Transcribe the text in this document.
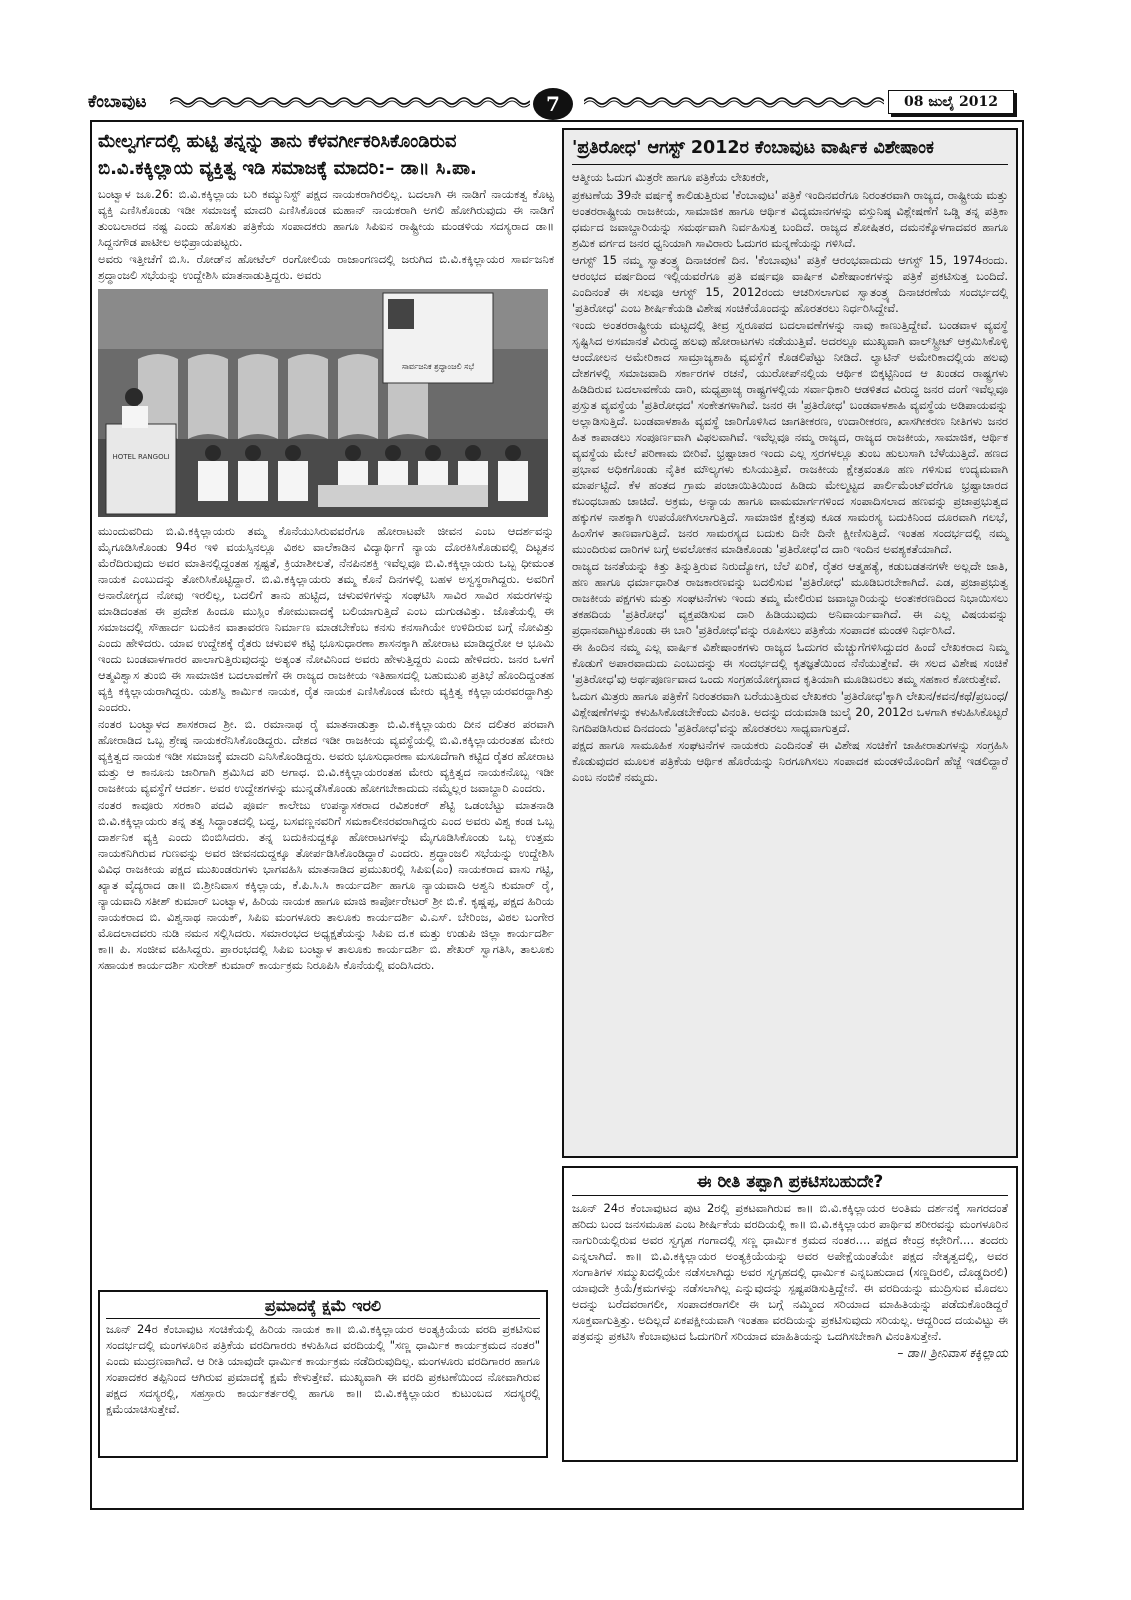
ಕೆಂಬಾವುಟ	7	08 ಜುಲೈ 2012
ಮೇಲ್ವರ್ಗದಲ್ಲಿ ಹುಟ್ಟಿ ತನ್ನನ್ನು ತಾನು ಕೆಳವರ್ಗೀಕರಿಸಿಕೊಂಡಿರುವ ಬಿ.ವಿ.ಕಕ್ಕಿಲ್ಲಾಯ ವ್ಯಕ್ತಿತ್ವ ಇಡಿ ಸಮಾಜಕ್ಕೆ ಮಾದರಿ:– ಡಾ॥ ಸಿ.ಪಾ.

ಬಂಟ್ವಾಳ ಜೂ.26: ಬಿ.ವಿ.ಕಕ್ಕಿಲ್ಲಾಯ ಬರಿ ಕಮ್ಯುನಿಸ್ಟ್ ಪಕ್ಷದ ನಾಯಕರಾಗಿರಲಿಲ್ಲ. ಬದಲಾಗಿ ಈ ನಾಡಿಗೆ ನಾಯಕತ್ವ ಕೊಟ್ಟ ವ್ಯಕ್ತಿ ಎಣಿಸಿಕೊಂಡು ಇಡೀ ಸಮಾಜಕ್ಕೆ ಮಾದರಿ ಎಣಿಸಿಕೊಂಡ ಮಹಾನ್ ನಾಯಕರಾಗಿ ಅಗಲಿ ಹೋಗಿರುವುದು ಈ ನಾಡಿಗೆ ತುಂಬಲಾರದ ನಷ್ಟ ಎಂದು ಹೊಸತು ಪತ್ರಿಕೆಯ ಸಂಪಾದಕರು ಹಾಗೂ ಸಿಪಿಐನ ರಾಷ್ಟ್ರೀಯ ಮಂಡಳಿಯ ಸದಸ್ಯರಾದ ಡಾ॥ ಸಿದ್ದನಗೌಡ ಪಾಟೀಲ ಅಭಿಪ್ರಾಯಪಟ್ಟರು.

ಅವರು ಇತ್ತೀಚೆಗೆ ಬಿ.ಸಿ. ರೋಡ್‌ನ ಹೋಟೆಲ್ ರಂಗೋಲಿಯ ರಾಜಾಂಗಣದಲ್ಲಿ ಜರುಗಿದ ಬಿ.ವಿ.ಕಕ್ಕಿಲ್ಲಾಯರ ಸಾರ್ವಜನಿಕ ಶ್ರದ್ಧಾಂಜಲಿ ಸಭೆಯನ್ನು ಉದ್ದೇಶಿಸಿ ಮಾತನಾಡುತ್ತಿದ್ದರು. ಅವರು

ಸಾರ್ವಜನಿಕ ಶ್ರದ್ಧಾಂಜಲಿ ಸಭೆ
HOTEL RANGOLI

ಮುಂದುವರಿದು ಬಿ.ವಿ.ಕಕ್ಕಿಲ್ಲಾಯರು ತಮ್ಮ ಕೊನೆಯುಸಿರುವವರೆಗೂ ಹೋರಾಟವೇ ಜೀವನ ಎಂಬ ಆದರ್ಶವನ್ನು ಮೈಗೂಡಿಸಿಕೊಂಡು 94ರ ಇಳಿ ವಯಸ್ಸಿನಲ್ಲೂ ವಿಠಲ ವಾಲೆಕಾಡಿನ ವಿದ್ಯಾರ್ಥಿಗೆ ನ್ಯಾಯ ದೊರಕಿಸಿಕೊಡುವಲ್ಲಿ ದಿಟ್ಟತನ ಮೆರೆದಿರುವುದು ಅವರ ಮಾತಿನಲ್ಲಿದ್ದಂತಹ ಸ್ಪಷ್ಟತೆ, ಕ್ರಿಯಾಶೀಲತೆ, ನೆನಪಿನಶಕ್ತಿ ಇವೆಲ್ಲವೂ ಬಿ.ವಿ.ಕಕ್ಕಿಲ್ಲಾಯರು ಒಬ್ಬ ಧೀಮಂತ ನಾಯಕ ಎಂಬುದನ್ನು ತೋರಿಸಿಕೊಟ್ಟಿದ್ದಾರೆ. ಬಿ.ವಿ.ಕಕ್ಕಿಲ್ಲಾಯರು ತಮ್ಮ ಕೊನೆ ದಿನಗಳಲ್ಲಿ ಬಹಳ ಅಸ್ವಸ್ಥರಾಗಿದ್ದರು. ಅವರಿಗೆ ಅನಾರೋಗ್ಯದ ನೋವು ಇರಲಿಲ್ಲ, ಬದಲಿಗೆ ತಾನು ಹುಟ್ಟಿದ, ಚಳುವಳಿಗಳನ್ನು ಸಂಘಟಿಸಿ ಸಾವಿರ ಸಾವಿರ ಸಮರಗಳನ್ನು ಮಾಡಿದಂತಹ ಈ ಪ್ರದೇಶ ಹಿಂದೂ ಮುಸ್ಲಿಂ ಕೋಮುವಾದಕ್ಕೆ ಬಲಿಯಾಗುತ್ತಿದೆ ಎಂಬ ದುಗುಡವಿತ್ತು. ಜೊತೆಯಲ್ಲಿ ಈ ಸಮಾಜದಲ್ಲಿ ಸೌಹಾರ್ದ ಬದುಕಿನ ವಾತಾವರಣ ನಿರ್ಮಾಣ ಮಾಡಬೇಕೆಂಬ ಕನಸು ಕನಸಾಗಿಯೇ ಉಳಿದಿರುವ ಬಗ್ಗೆ ನೋವಿತ್ತು ಎಂದು ಹೇಳಿದರು. ಯಾವ ಉದ್ದೇಶಕ್ಕೆ ರೈತರು ಚಳುವಳಿ ಕಟ್ಟಿ ಭೂಸುಧಾರಣಾ ಶಾಸನಕ್ಕಾಗಿ ಹೋರಾಟ ಮಾಡಿದ್ದರೋ ಆ ಭೂಮಿ ಇಂದು ಬಂಡವಾಳಗಾರರ ಪಾಲಾಗುತ್ತಿರುವುದನ್ನು ಅತ್ಯಂತ ನೋವಿನಿಂದ ಅವರು ಹೇಳುತ್ತಿದ್ದರು ಎಂದು ಹೇಳಿದರು. ಜನರ ಒಳಗೆ ಆತ್ಮವಿಶ್ವಾಸ ತುಂಬಿ ಈ ಸಾಮಾಜಿಕ ಬದಲಾವಣೆಗೆ ಈ ರಾಜ್ಯದ ರಾಜಕೀಯ ಇತಿಹಾಸದಲ್ಲಿ ಬಹುಮುಖಿ ಪ್ರತಿಭೆ ಹೊಂದಿದ್ದಂತಹ ವ್ಯಕ್ತಿ ಕಕ್ಕಿಲ್ಲಾಯರಾಗಿದ್ದರು. ಯಶಸ್ವಿ ಕಾರ್ಮಿಕ ನಾಯಕ, ರೈತ ನಾಯಕ ಎಣಿಸಿಕೊಂಡ ಮೇರು ವ್ಯಕ್ತಿತ್ವ ಕಕ್ಕಿಲ್ಲಾಯರವರದ್ದಾಗಿತ್ತು ಎಂದರು.

ನಂತರ ಬಂಟ್ವಾಳದ ಶಾಸಕರಾದ ಶ್ರೀ. ಬಿ. ರಮಾನಾಥ ರೈ ಮಾತನಾಡುತ್ತಾ ಬಿ.ವಿ.ಕಕ್ಕಿಲ್ಲಾಯರು ದೀನ ದಲಿತರ ಪರವಾಗಿ ಹೋರಾಡಿದ ಒಬ್ಬ ಶ್ರೇಷ್ಠ ನಾಯಕರೆನಿಸಿಕೊಂಡಿದ್ದರು. ದೇಶದ ಇಡೀ ರಾಜಕೀಯ ವ್ಯವಸ್ಥೆಯಲ್ಲಿ ಬಿ.ವಿ.ಕಕ್ಕಿಲ್ಲಾಯರಂತಹ ಮೇರು ವ್ಯಕ್ತಿತ್ವದ ನಾಯಕ ಇಡೀ ಸಮಾಜಕ್ಕೆ ಮಾದರಿ ಎನಿಸಿಕೊಂಡಿದ್ದರು. ಅವರು ಭೂಸುಧಾರಣಾ ಮಸೂದೆಗಾಗಿ ಕಟ್ಟಿದ ರೈತರ ಹೋರಾಟ ಮತ್ತು ಆ ಕಾನೂನು ಜಾರಿಗಾಗಿ ಶ್ರಮಿಸಿದ ಪರಿ ಅಗಾಧ. ಬಿ.ವಿ.ಕಕ್ಕಿಲ್ಲಾಯರಂತಹ ಮೇರು ವ್ಯಕ್ತಿತ್ವದ ನಾಯಕನೊಬ್ಬ ಇಡೀ ರಾಜಕೀಯ ವ್ಯವಸ್ಥೆಗೆ ಆದರ್ಶ. ಅವರ ಉದ್ದೇಶಗಳನ್ನು ಮುನ್ನಡೆಸಿಕೊಂಡು ಹೋಗಬೇಕಾದುದು ನಮ್ಮೆಲ್ಲರ ಜವಾಬ್ದಾರಿ ಎಂದರು.

ನಂತರ ಕಾವೂರು ಸರಕಾರಿ ಪದವಿ ಪೂರ್ವ ಕಾಲೇಜು ಉಪನ್ಯಾಸಕರಾದ ರವಿಶಂಕರ್ ಶೆಟ್ಟಿ ಒಡಂಬೆಟ್ಟು ಮಾತನಾಡಿ ಬಿ.ವಿ.ಕಕ್ಕಿಲ್ಲಾಯರು ತನ್ನ ತತ್ವ ಸಿದ್ಧಾಂತದಲ್ಲಿ ಬದ್ಧ, ಬಸವಣ್ಣನವರಿಗೆ ಸಮಕಾಲೀನರವರಾಗಿದ್ದರು ಎಂದ ಅವರು ವಿಶ್ವ ಕಂಡ ಒಬ್ಬ ದಾರ್ಶನಿಕ ವ್ಯಕ್ತಿ ಎಂದು ಬಿಂಬಿಸಿದರು. ತನ್ನ ಬದುಕಿನುದ್ದಕ್ಕೂ ಹೋರಾಟಗಳನ್ನು ಮೈಗೂಡಿಸಿಕೊಂಡು ಒಬ್ಬ ಉತ್ತಮ ನಾಯಕನಿಗಿರುವ ಗುಣವನ್ನು ಅವರ ಜೀವನದುದ್ದಕ್ಕೂ ತೋರ್ಪಡಿಸಿಕೊಂಡಿದ್ದಾರೆ ಎಂದರು. ಶ್ರದ್ಧಾಂಜಲಿ ಸಭೆಯನ್ನು ಉದ್ದೇಶಿಸಿ ವಿವಿಧ ರಾಜಕೀಯ ಪಕ್ಷದ ಮುಖಂಡರುಗಳು ಭಾಗವಹಿಸಿ ಮಾತನಾಡಿದ ಪ್ರಮುಖರಲ್ಲಿ ಸಿಪಿಐ(ಎಂ) ನಾಯಕರಾದ ವಾಸು ಗಟ್ಟಿ, ಖ್ಯಾತ ವೈದ್ಯರಾದ ಡಾ॥ ಬಿ.ಶ್ರೀನಿವಾಸ ಕಕ್ಕಿಲ್ಲಾಯ, ಕೆ.ಪಿ.ಸಿ.ಸಿ ಕಾರ್ಯದರ್ಶಿ ಹಾಗೂ ನ್ಯಾಯವಾದಿ ಅಶ್ವನಿ ಕುಮಾರ್ ರೈ, ನ್ಯಾಯವಾದಿ ಸತೀಶ್ ಕುಮಾರ್ ಬಂಟ್ವಾಳ, ಹಿರಿಯ ನಾಯಕ ಹಾಗೂ ಮಾಜಿ ಕಾರ್ಪೋರೇಟರ್ ಶ್ರೀ ಬಿ.ಕೆ. ಕೃಷ್ಣಪ್ಪ, ಪಕ್ಷದ ಹಿರಿಯ ನಾಯಕರಾದ ಬಿ. ವಿಶ್ವನಾಥ ನಾಯಕ್, ಸಿಪಿಐ ಮಂಗಳೂರು ತಾಲೂಕು ಕಾರ್ಯದರ್ಶಿ ವಿ.ಎಸ್. ಬೇರಿಂಜ, ವಿಠಲ ಬಂಗೇರ ಮೊದಲಾದವರು ನುಡಿ ನಮನ ಸಲ್ಲಿಸಿದರು. ಸಮಾರಂಭದ ಅಧ್ಯಕ್ಷತೆಯನ್ನು ಸಿಪಿಐ ದ.ಕ ಮತ್ತು ಉಡುಪಿ ಜಿಲ್ಲಾ ಕಾರ್ಯದರ್ಶಿ ಕಾ॥ ಪಿ. ಸಂಜೀವ ವಹಿಸಿದ್ದರು. ಪ್ರಾರಂಭದಲ್ಲಿ ಸಿಪಿಐ ಬಂಟ್ವಾಳ ತಾಲೂಕು ಕಾರ್ಯದರ್ಶಿ ಬಿ. ಶೇಖರ್ ಸ್ವಾಗತಿಸಿ, ತಾಲೂಕು ಸಹಾಯಕ ಕಾರ್ಯದರ್ಶಿ ಸುರೇಶ್ ಕುಮಾರ್ ಕಾರ್ಯಕ್ರಮ ನಿರೂಪಿಸಿ ಕೊನೆಯಲ್ಲಿ ವಂದಿಸಿದರು.

ಪ್ರಮಾದಕ್ಕೆ ಕ್ಷಮೆ ಇರಲಿ

ಜೂನ್ 24ರ ಕೆಂಬಾವುಟ ಸಂಚಿಕೆಯಲ್ಲಿ ಹಿರಿಯ ನಾಯಕ ಕಾ॥ ಬಿ.ವಿ.ಕಕ್ಕಿಲ್ಲಾಯರ ಅಂತ್ಯಕ್ರಿಯೆಯ ವರದಿ ಪ್ರಕಟಿಸುವ ಸಂದರ್ಭದಲ್ಲಿ ಮಂಗಳೂರಿನ ಪತ್ರಿಕೆಯ ವರದಿಗಾರರು ಕಳುಹಿಸಿದ ವರದಿಯಲ್ಲಿ "ಸಣ್ಣ ಧಾರ್ಮಿಕ ಕಾರ್ಯಕ್ರಮದ ನಂತರ" ಎಂದು ಮುದ್ರಣವಾಗಿದೆ. ಆ ರೀತಿ ಯಾವುದೇ ಧಾರ್ಮಿಕ ಕಾರ್ಯಕ್ರಮ ನಡೆದಿರುವುದಿಲ್ಲ. ಮಂಗಳೂರು ವರದಿಗಾರರ ಹಾಗೂ ಸಂಪಾದಕರ ತಪ್ಪಿನಿಂದ ಆಗಿರುವ ಪ್ರಮಾದಕ್ಕೆ ಕ್ಷಮೆ ಕೇಳುತ್ತೇವೆ. ಮುಖ್ಯವಾಗಿ ಈ ವರದಿ ಪ್ರಕಟಣೆಯಿಂದ ನೋವಾಗಿರುವ ಪಕ್ಷದ ಸದಸ್ಯರಲ್ಲಿ, ಸಹಸ್ರಾರು ಕಾರ್ಯಕರ್ತರಲ್ಲಿ ಹಾಗೂ ಕಾ॥ ಬಿ.ವಿ.ಕಕ್ಕಿಲ್ಲಾಯರ ಕುಟುಂಬದ ಸದಸ್ಯರಲ್ಲಿ ಕ್ಷಮೆಯಾಚಿಸುತ್ತೇವೆ.

'ಪ್ರತಿರೋಧ' ಆಗಸ್ಟ್ 2012ರ ಕೆಂಬಾವುಟ ವಾರ್ಷಿಕ ವಿಶೇಷಾಂಕ

ಆತ್ಮೀಯ ಓದುಗ ಮಿತ್ರರೇ ಹಾಗೂ ಪತ್ರಿಕೆಯ ಲೇಖಕರೇ,

ಪ್ರಕಟಣೆಯ 39ನೇ ವರ್ಷಕ್ಕೆ ಕಾಲಿಡುತ್ತಿರುವ 'ಕೆಂಬಾವುಟ' ಪತ್ರಿಕೆ ಇಂದಿನವರೆಗೂ ನಿರಂತರವಾಗಿ ರಾಜ್ಯದ, ರಾಷ್ಟ್ರೀಯ ಮತ್ತು ಅಂತರರಾಷ್ಟ್ರೀಯ ರಾಜಕೀಯ, ಸಾಮಾಜಿಕ ಹಾಗೂ ಆರ್ಥಿಕ ವಿದ್ಯಮಾನಗಳನ್ನು ವಸ್ತುನಿಷ್ಠ ವಿಶ್ಲೇಷಣೆಗೆ ಒಡ್ಡಿ ತನ್ನ ಪತ್ರಿಕಾ ಧರ್ಮದ ಜವಾಬ್ದಾರಿಯನ್ನು ಸಮರ್ಥವಾಗಿ ನಿರ್ವಹಿಸುತ್ತ ಬಂದಿದೆ. ರಾಜ್ಯದ ಶೋಷಿತರ, ದಮನಕ್ಕೊಳಗಾದವರ ಹಾಗೂ ಶ್ರಮಿಕ ವರ್ಗದ ಜನರ ಧ್ವನಿಯಾಗಿ ಸಾವಿರಾರು ಓದುಗರ ಮನ್ನಣೆಯನ್ನು ಗಳಿಸಿದೆ.

ಆಗಸ್ಟ್ 15 ನಮ್ಮ ಸ್ವಾತಂತ್ರ್ಯ ದಿನಾಚರಣೆ ದಿನ. 'ಕೆಂಬಾವುಟ' ಪತ್ರಿಕೆ ಆರಂಭವಾದುದು ಆಗಸ್ಟ್ 15, 1974ರಂದು. ಆರಂಭದ ವರ್ಷದಿಂದ ಇಲ್ಲಿಯವರೆಗೂ ಪ್ರತಿ ವರ್ಷವೂ ವಾರ್ಷಿಕ ವಿಶೇಷಾಂಕಗಳನ್ನು ಪತ್ರಿಕೆ ಪ್ರಕಟಿಸುತ್ತ ಬಂದಿದೆ. ಎಂದಿನಂತೆ ಈ ಸಲವೂ ಆಗಸ್ಟ್ 15, 2012ರಂದು ಆಚರಿಸಲಾಗುವ ಸ್ವಾತಂತ್ರ್ಯ ದಿನಾಚರಣೆಯ ಸಂದರ್ಭದಲ್ಲಿ 'ಪ್ರತಿರೋಧ' ಎಂಬ ಶೀರ್ಷಿಕೆಯಡಿ ವಿಶೇಷ ಸಂಚಿಕೆಯೊಂದನ್ನು ಹೊರತರಲು ನಿರ್ಧರಿಸಿದ್ದೇವೆ.

ಇಂದು ಅಂತರರಾಷ್ಟ್ರೀಯ ಮಟ್ಟದಲ್ಲಿ ತೀವ್ರ ಸ್ವರೂಪದ ಬದಲಾವಣೆಗಳನ್ನು ನಾವು ಕಾಣುತ್ತಿದ್ದೇವೆ. ಬಂಡವಾಳ ವ್ಯವಸ್ಥೆ ಸೃಷ್ಟಿಸಿದ ಅಸಮಾನತೆ ವಿರುದ್ಧ ಹಲವು ಹೋರಾಟಗಳು ನಡೆಯುತ್ತಿವೆ. ಅದರಲ್ಲೂ ಮುಖ್ಯವಾಗಿ ವಾಲ್‌ಸ್ಟ್ರೀಟ್ ಆಕ್ರಮಿಸಿಕೊಳ್ಳಿ ಆಂದೋಲನ ಅಮೇರಿಕಾದ ಸಾಮ್ರಾಜ್ಯಶಾಹಿ ವ್ಯವಸ್ಥೆಗೆ ಕೊಡಲಿಪೆಟ್ಟು ನೀಡಿದೆ. ಲ್ಯಾಟಿನ್ ಅಮೇರಿಕಾದಲ್ಲಿಯ ಹಲವು ದೇಶಗಳಲ್ಲಿ ಸಮಾಜವಾದಿ ಸರ್ಕಾರಗಳ ರಚನೆ, ಯುರೋಪ್‌ನಲ್ಲಿಯ ಆರ್ಥಿಕ ಬಿಕ್ಕಟ್ಟಿನಿಂದ ಆ ಖಂಡದ ರಾಷ್ಟ್ರಗಳು ಹಿಡಿದಿರುವ ಬದಲಾವಣೆಯ ದಾರಿ, ಮಧ್ಯಪ್ರಾಚ್ಯ ರಾಷ್ಟ್ರಗಳಲ್ಲಿಯ ಸರ್ವಾಧಿಕಾರಿ ಆಡಳಿತದ ವಿರುದ್ಧ ಜನರ ದಂಗೆ ಇವೆಲ್ಲವೂ ಪ್ರಸ್ತುತ ವ್ಯವಸ್ಥೆಯ 'ಪ್ರತಿರೋಧದ' ಸಂಕೇತಗಳಾಗಿವೆ. ಜನರ ಈ 'ಪ್ರತಿರೋಧ' ಬಂಡವಾಳಶಾಹಿ ವ್ಯವಸ್ಥೆಯ ಅಡಿಪಾಯವನ್ನು ಅಲ್ಲಾಡಿಸುತ್ತಿದೆ. ಬಂಡವಾಳಶಾಹಿ ವ್ಯವಸ್ಥೆ ಜಾರಿಗೊಳಿಸಿದ ಜಾಗತೀಕರಣ, ಉದಾರೀಕರಣ, ಖಾಸಗೀಕರಣ ನೀತಿಗಳು ಜನರ ಹಿತ ಕಾಪಾಡಲು ಸಂಪೂರ್ಣವಾಗಿ ವಿಫಲವಾಗಿವೆ. ಇವೆಲ್ಲವೂ ನಮ್ಮ ರಾಜ್ಯದ, ರಾಜ್ಯದ ರಾಜಕೀಯ, ಸಾಮಾಜಿಕ, ಆರ್ಥಿಕ ವ್ಯವಸ್ಥೆಯ ಮೇಲೆ ಪರಿಣಾಮ ಬೀರಿವೆ. ಭ್ರಷ್ಟಾಚಾರ ಇಂದು ಎಲ್ಲ ಸ್ತರಗಳಲ್ಲೂ ತುಂಬ ಹುಲುಸಾಗಿ ಬೆಳೆಯುತ್ತಿದೆ. ಹಣದ ಪ್ರಭಾವ ಅಧಿಕಗೊಂಡು ನೈತಿಕ ಮೌಲ್ಯಗಳು ಕುಸಿಯುತ್ತಿವೆ. ರಾಜಕೀಯ ಕ್ಷೇತ್ರವಂತೂ ಹಣ ಗಳಿಸುವ ಉದ್ಯಮವಾಗಿ ಮಾರ್ಪಟ್ಟಿದೆ. ಕೆಳ ಹಂತದ ಗ್ರಾಮ ಪಂಚಾಯಿತಿಯಿಂದ ಹಿಡಿದು ಮೇಲ್ಮಟ್ಟದ ಪಾರ್ಲಿಮೆಂಟ್‌ವರೆಗೂ ಭ್ರಷ್ಟಾಚಾರದ ಕಬಂಧಬಾಹು ಚಾಚಿದೆ. ಅಕ್ರಮ, ಅನ್ಯಾಯ ಹಾಗೂ ವಾಮಮಾರ್ಗಗಳಿಂದ ಸಂಪಾದಿಸಲಾದ ಹಣವನ್ನು ಪ್ರಜಾಪ್ರಭುತ್ವದ ಹಕ್ಕುಗಳ ನಾಶಕ್ಕಾಗಿ ಉಪಯೋಗಿಸಲಾಗುತ್ತಿದೆ. ಸಾಮಾಜಿಕ ಕ್ಷೇತ್ರವು ಕೂಡ ಸಾಮರಸ್ಯ ಬದುಕಿನಿಂದ ದೂರವಾಗಿ ಗಲಭೆ, ಹಿಂಸೆಗಳ ತಾಣವಾಗುತ್ತಿದೆ. ಜನರ ಸಾಮರಸ್ಯದ ಬದುಕು ದಿನೇ ದಿನೇ ಕ್ಷೀಣಿಸುತ್ತಿದೆ. ಇಂತಹ ಸಂದರ್ಭದಲ್ಲಿ ನಮ್ಮ ಮುಂದಿರುವ ದಾರಿಗಳ ಬಗ್ಗೆ ಅವಲೋಕನ ಮಾಡಿಕೊಂಡು 'ಪ್ರತಿರೋಧ'ದ ದಾರಿ ಇಂದಿನ ಅವಶ್ಯಕತೆಯಾಗಿದೆ.

ರಾಜ್ಯದ ಜನತೆಯನ್ನು ಕಿತ್ತು ತಿನ್ನುತ್ತಿರುವ ನಿರುದ್ಯೋಗ, ಬೆಲೆ ಏರಿಕೆ, ರೈತರ ಆತ್ಮಹತ್ಯೆ, ಕಡುಬಡತನಗಳೇ ಅಲ್ಲದೇ ಜಾತಿ, ಹಣ ಹಾಗೂ ಧರ್ಮಾಧಾರಿತ ರಾಜಕಾರಣವನ್ನು ಬದಲಿಸುವ 'ಪ್ರತಿರೋಧ' ಮೂಡಿಬರಬೇಕಾಗಿದೆ. ಎಡ, ಪ್ರಜಾಪ್ರಭುತ್ವ ರಾಜಕೀಯ ಪಕ್ಷಗಳು ಮತ್ತು ಸಂಘಟನೆಗಳು ಇಂದು ತಮ್ಮ ಮೇಲಿರುವ ಜವಾಬ್ದಾರಿಯನ್ನು ಅಂತಃಕರಣದಿಂದ ನಿಭಾಯಿಸಲು ತಕಹದಿಯ 'ಪ್ರತಿರೋಧ' ವ್ಯಕ್ತಪಡಿಸುವ ದಾರಿ ಹಿಡಿಯುವುದು ಅನಿವಾರ್ಯವಾಗಿದೆ. ಈ ಎಲ್ಲ ವಿಷಯವನ್ನು ಪ್ರಧಾನವಾಗಿಟ್ಟುಕೊಂಡು ಈ ಬಾರಿ 'ಪ್ರತಿರೋಧ'ವನ್ನು ರೂಪಿಸಲು ಪತ್ರಿಕೆಯ ಸಂಪಾದಕ ಮಂಡಳಿ ನಿರ್ಧರಿಸಿದೆ.

ಈ ಹಿಂದಿನ ನಮ್ಮ ಎಲ್ಲ ವಾರ್ಷಿಕ ವಿಶೇಷಾಂಕಗಳು ರಾಜ್ಯದ ಓದುಗರ ಮೆಚ್ಚುಗೆಗಳಿಸಿದ್ದುದರ ಹಿಂದೆ ಲೇಖಕರಾದ ನಿಮ್ಮ ಕೊಡುಗೆ ಅಪಾರವಾದುದು ಎಂಬುದನ್ನು ಈ ಸಂದರ್ಭದಲ್ಲಿ ಕೃತಜ್ಞತೆಯಿಂದ ನೆನೆಯುತ್ತೇವೆ. ಈ ಸಲದ ವಿಶೇಷ ಸಂಚಿಕೆ 'ಪ್ರತಿರೋಧ'ವು ಅರ್ಥಪೂರ್ಣವಾದ ಒಂದು ಸಂಗ್ರಹಯೋಗ್ಯವಾದ ಕೃತಿಯಾಗಿ ಮೂಡಿಬರಲು ತಮ್ಮ ಸಹಕಾರ ಕೋರುತ್ತೇವೆ.

ಓದುಗ ಮಿತ್ರರು ಹಾಗೂ ಪತ್ರಿಕೆಗೆ ನಿರಂತರವಾಗಿ ಬರೆಯುತ್ತಿರುವ ಲೇಖಕರು 'ಪ್ರತಿರೋಧ'ಕ್ಕಾಗಿ ಲೇಖನ/ಕವನ/ಕಥೆ/ಪ್ರಬಂಧ/ವಿಶ್ಲೇಷಣೆಗಳನ್ನು ಕಳುಹಿಸಿಕೊಡಬೇಕೆಂದು ವಿನಂತಿ. ಅದನ್ನು ದಯಮಾಡಿ ಜುಲೈ 20, 2012ರ ಒಳಗಾಗಿ ಕಳುಹಿಸಿಕೊಟ್ಟರೆ ನಿಗದಿಪಡಿಸಿರುವ ದಿನದಂದು 'ಪ್ರತಿರೋಧ'ವನ್ನು ಹೊರತರಲು ಸಾಧ್ಯವಾಗುತ್ತದೆ.

ಪಕ್ಷದ ಹಾಗೂ ಸಾಮೂಹಿಕ ಸಂಘಟನೆಗಳ ನಾಯಕರು ಎಂದಿನಂತೆ ಈ ವಿಶೇಷ ಸಂಚಿಕೆಗೆ ಜಾಹೀರಾತುಗಳನ್ನು ಸಂಗ್ರಹಿಸಿ ಕೊಡುವುದರ ಮೂಲಕ ಪತ್ರಿಕೆಯ ಆರ್ಥಿಕ ಹೊರೆಯನ್ನು ನಿರಗೂಗಿಸಲು ಸಂಪಾದಕ ಮಂಡಳಿಯೊಂದಿಗೆ ಹೆಜ್ಜೆ ಇಡಲಿದ್ದಾರೆ ಎಂಬ ನಂಬಿಕೆ ನಮ್ಮದು.

ಈ ರೀತಿ ತಪ್ಪಾಗಿ ಪ್ರಕಟಿಸಬಹುದೇ?

ಜೂನ್ 24ರ ಕೆಂಬಾವುಟದ ಪುಟ 2ರಲ್ಲಿ ಪ್ರಕಟವಾಗಿರುವ ಕಾ॥ ಬಿ.ವಿ.ಕಕ್ಕಿಲ್ಲಾಯರ ಅಂತಿಮ ದರ್ಶನಕ್ಕೆ ಸಾಗರದಂತೆ ಹರಿದು ಬಂದ ಜನಸಮೂಹ ಎಂಬ ಶೀರ್ಷಿಕೆಯ ವರದಿಯಲ್ಲಿ ಕಾ॥ ಬಿ.ವಿ.ಕಕ್ಕಿಲ್ಲಾಯರ ಪಾರ್ಥಿವ ಶರೀರವನ್ನು ಮಂಗಳೂರಿನ ನಾಗುರಿಯಲ್ಲಿರುವ ಅವರ ಸ್ವಗೃಹ ಗಂಗಾದಲ್ಲಿ ಸಣ್ಣ ಧಾರ್ಮಿಕ ಕ್ರಮದ ನಂತರ.... ಪಕ್ಷದ ಕೇಂದ್ರ ಕಛೇರಿಗೆ.... ತಂದರು ಎನ್ನಲಾಗಿದೆ. ಕಾ॥ ಬಿ.ವಿ.ಕಕ್ಕಿಲ್ಲಾಯರ ಅಂತ್ಯಕ್ರಿಯೆಯನ್ನು ಅವರ ಅಪೇಕ್ಷೆಯಂತೆಯೇ ಪಕ್ಷದ ನೇತೃತ್ವದಲ್ಲಿ, ಅವರ ಸಂಗಾತಿಗಳ ಸಮ್ಮುಖದಲ್ಲಿಯೇ ನಡೆಸಲಾಗಿದ್ದು ಅವರ ಸ್ವಗೃಹದಲ್ಲಿ ಧಾರ್ಮಿಕ ಎನ್ನಬಹುದಾದ (ಸಣ್ಣದಿರಲಿ, ದೊಡ್ಡದಿರಲಿ) ಯಾವುದೇ ಕ್ರಿಯೆ/ಕ್ರಮಗಳನ್ನು ನಡೆಸಲಾಗಿಲ್ಲ ಎನ್ನುವುದನ್ನು ಸ್ಪಷ್ಟಪಡಿಸುತ್ತಿದ್ದೇನೆ. ಈ ವರದಿಯನ್ನು ಮುದ್ರಿಸುವ ಮೊದಲು ಅದನ್ನು ಬರೆದವರಾಗಲೀ, ಸಂಪಾದಕರಾಗಲೀ ಈ ಬಗ್ಗೆ ನಮ್ಮಿಂದ ಸರಿಯಾದ ಮಾಹಿತಿಯನ್ನು ಪಡೆದುಕೊಂಡಿದ್ದರೆ ಸೂಕ್ತವಾಗುತ್ತಿತ್ತು. ಅದಿಲ್ಲದೆ ಏಕಪಕ್ಷೀಯವಾಗಿ ಇಂತಹಾ ವರದಿಯನ್ನು ಪ್ರಕಟಿಸುವುದು ಸರಿಯಲ್ಲ. ಆದ್ದರಿಂದ ದಯವಿಟ್ಟು ಈ ಪತ್ರವನ್ನು ಪ್ರಕಟಿಸಿ ಕೆಂಬಾವುಟದ ಓದುಗರಿಗೆ ಸರಿಯಾದ ಮಾಹಿತಿಯನ್ನು ಒದಗಿಸಬೇಕಾಗಿ ವಿನಂತಿಸುತ್ತೇನೆ.

– ಡಾ॥ ಶ್ರೀನಿವಾಸ ಕಕ್ಕಿಲ್ಲಾಯ
